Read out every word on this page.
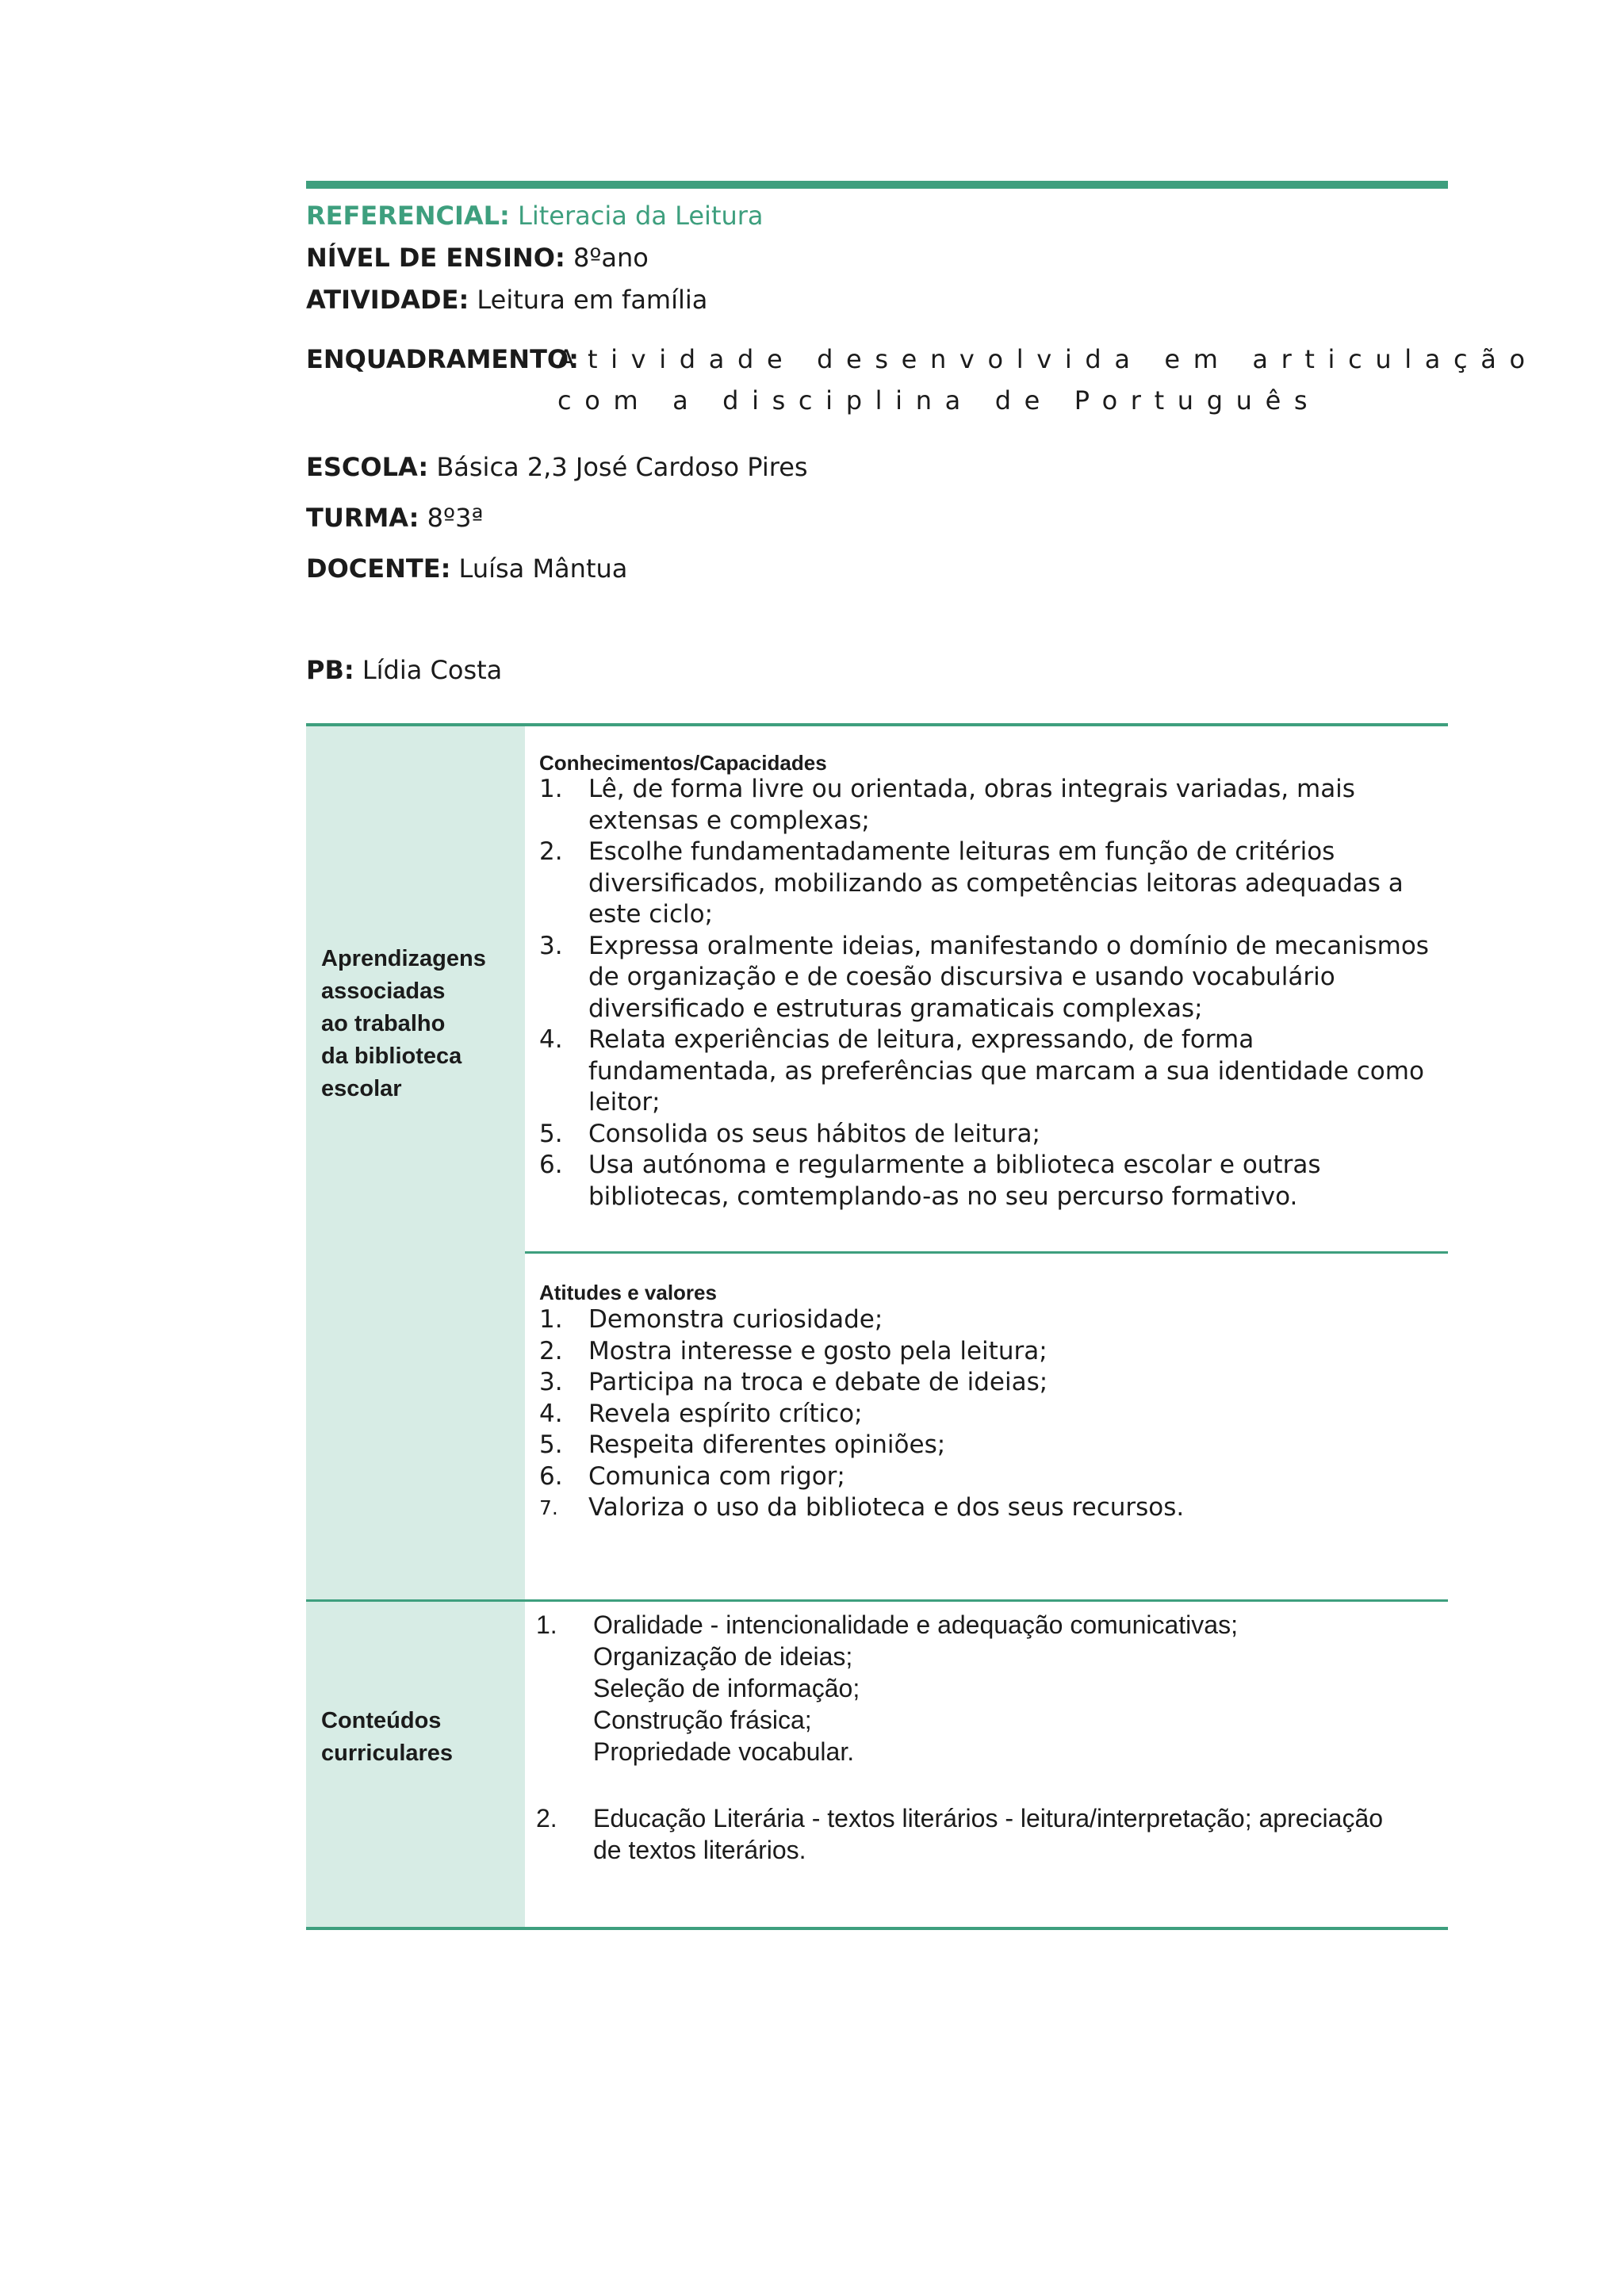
REFERENCIAL: Literacia da Leitura
NÍVEL DE ENSINO: 8ºano
ATIVIDADE: Leitura em família
ENQUADRAMENTO:
Atividade desenvolvida em articulação
com a disciplina de Português
ESCOLA: Básica 2,3 José Cardoso Pires
TURMA: 8º3ª
DOCENTE: Luísa Mântua
PB: Lídia Costa
Aprendizagens
associadas
ao trabalho
da biblioteca
escolar
Conhecimentos/Capacidades
1. Lê, de forma livre ou orientada, obras integrais variadas, mais
extensas e complexas;
2. Escolhe fundamentadamente leituras em função de critérios
diversificados, mobilizando as competências leitoras adequadas a
este ciclo;
3. Expressa oralmente ideias, manifestando o domínio de mecanismos
de organização e de coesão discursiva e usando vocabulário
diversificado e estruturas gramaticais complexas;
4. Relata experiências de leitura, expressando, de forma
fundamentada, as preferências que marcam a sua identidade como
leitor;
5. Consolida os seus hábitos de leitura;
6. Usa autónoma e regularmente a biblioteca escolar e outras
bibliotecas, comtemplando-as no seu percurso formativo.
Atitudes e valores
1. Demonstra curiosidade;
2. Mostra interesse e gosto pela leitura;
3. Participa na troca e debate de ideias;
4. Revela espírito crítico;
5. Respeita diferentes opiniões;
6. Comunica com rigor;
7. Valoriza o uso da biblioteca e dos seus recursos.
Conteúdos
curriculares
1. Oralidade - intencionalidade e adequação comunicativas;
Organização de ideias;
Seleção de informação;
Construção frásica;
Propriedade vocabular.
2. Educação Literária - textos literários - leitura/interpretação; apreciação
de textos literários.
